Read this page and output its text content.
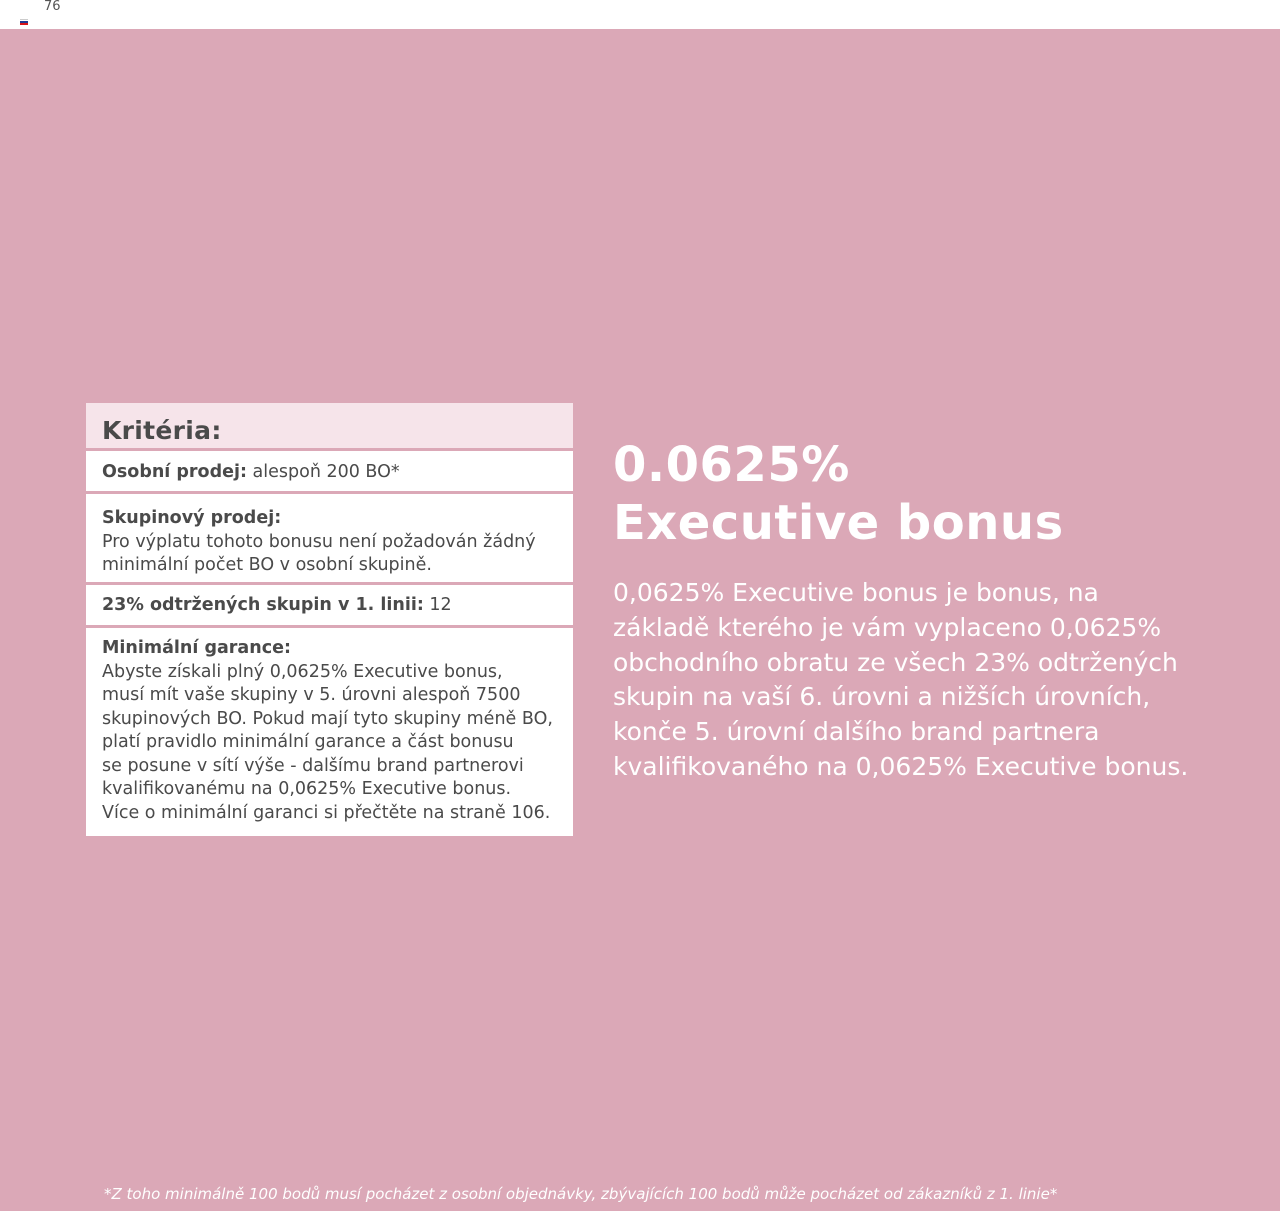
76
Kritéria:
Osobní prodej: alespoň 200 BO*
Skupinový prodej:
Pro výplatu tohoto bonusu není požadován žádný
minimální počet BO v osobní skupině.
23% odtržených skupin v 1. linii: 12
Minimální garance:
Abyste získali plný 0,0625% Executive bonus,
musí mít vaše skupiny v 5. úrovni alespoň 7500
skupinových BO. Pokud mají tyto skupiny méně BO,
platí pravidlo minimální garance a část bonusu
se posune v sítí výše - dalšímu brand partnerovi
kvalifikovanému na 0,0625% Executive bonus.
Více o minimální garanci si přečtěte na straně 106.
0.0625%
Executive bonus
0,0625% Executive bonus je bonus, na
základě kterého je vám vyplaceno 0,0625%
obchodního obratu ze všech 23% odtržených
skupin na vaší 6. úrovni a nižších úrovních,
konče 5. úrovní dalšího brand partnera
kvalifikovaného na 0,0625% Executive bonus.
*Z toho minimálně 100 bodů musí pocházet z osobní objednávky, zbývajících 100 bodů může pocházet od zákazníků z 1. linie*
